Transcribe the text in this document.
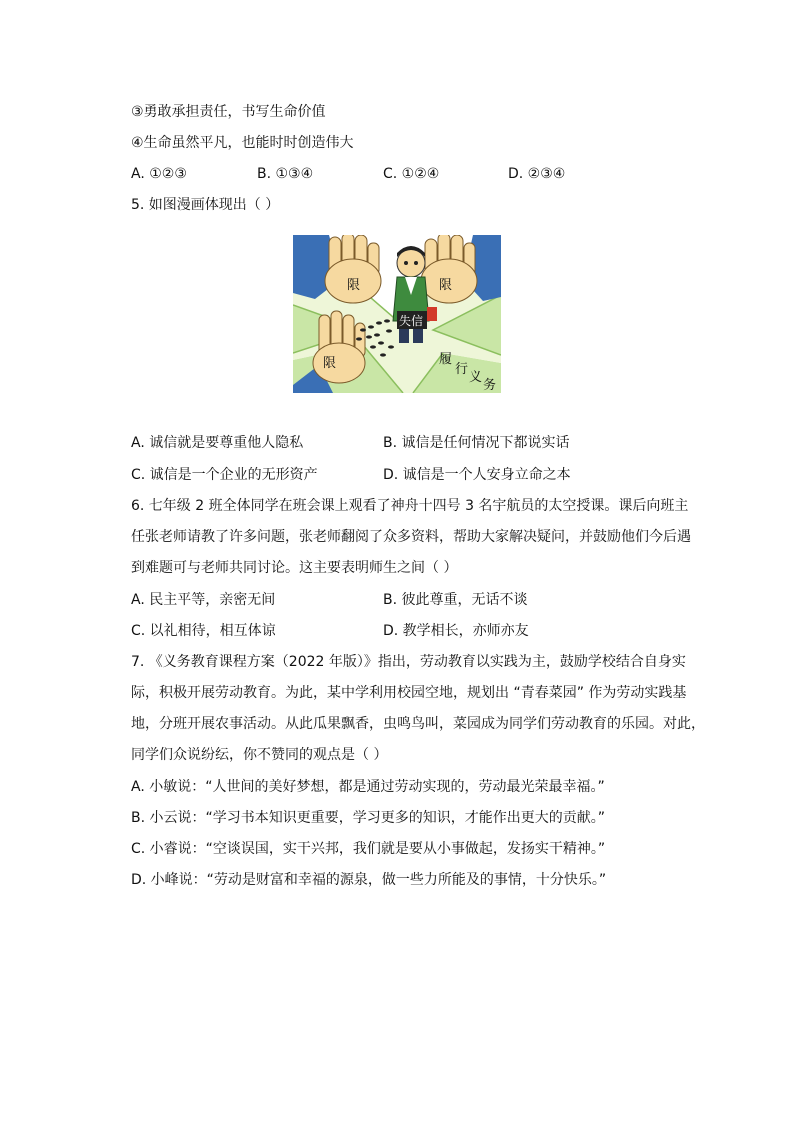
③勇敢承担责任，书写生命价值
④生命虽然平凡，也能时时创造伟大
A. ①②③	B. ①③④	C. ①②④	D. ②③④
5. 如图漫画体现出（ ）
限	限
限
失信
履
行
义
务
A. 诚信就是要尊重他人隐私	B. 诚信是任何情况下都说实话
C. 诚信是一个企业的无形资产	D. 诚信是一个人安身立命之本
6. 七年级 2 班全体同学在班会课上观看了神舟十四号 3 名宇航员的太空授课。课后向班主
任张老师请教了许多问题，张老师翻阅了众多资料，帮助大家解决疑问，并鼓励他们今后遇
到难题可与老师共同讨论。这主要表明师生之间（ ）
A. 民主平等，亲密无间	B. 彼此尊重，无话不谈
C. 以礼相待，相互体谅	D. 教学相长，亦师亦友
7. 《义务教育课程方案（2022 年版）》指出，劳动教育以实践为主，鼓励学校结合自身实
际，积极开展劳动教育。为此，某中学利用校园空地，规划出 “青春菜园” 作为劳动实践基
地，分班开展农事活动。从此瓜果飘香，虫鸣鸟叫，菜园成为同学们劳动教育的乐园。对此，
同学们众说纷纭，你不赞同的观点是（ ）
A. 小敏说：“人世间的美好梦想，都是通过劳动实现的，劳动最光荣最幸福。”
B. 小云说：“学习书本知识更重要，学习更多的知识，才能作出更大的贡献。”
C. 小睿说：“空谈误国，实干兴邦，我们就是要从小事做起，发扬实干精神。”
D. 小峰说：“劳动是财富和幸福的源泉，做一些力所能及的事情，十分快乐。”
